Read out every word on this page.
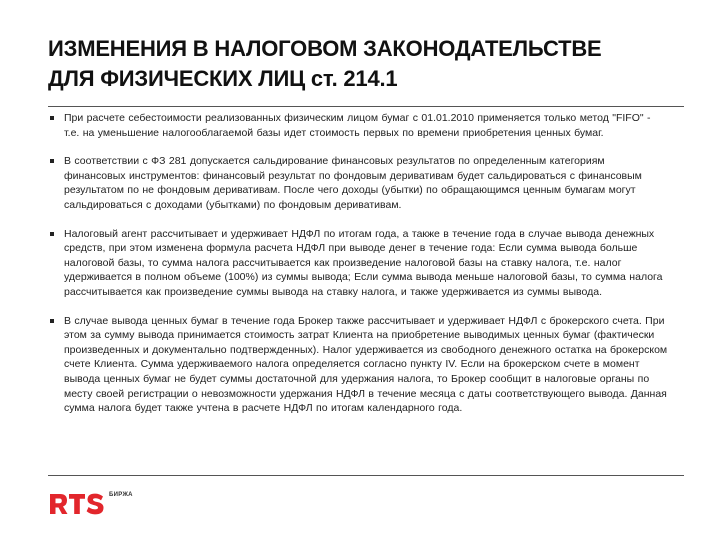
ИЗМЕНЕНИЯ В НАЛОГОВОМ ЗАКОНОДАТЕЛЬСТВЕ
ДЛЯ ФИЗИЧЕСКИХ ЛИЦ ст. 214.1
При расчете себестоимости реализованных физическим лицом бумаг с 01.01.2010 применяется только метод "FIFO" - т.е. на уменьшение налогооблагаемой базы идет стоимость первых по времени приобретения ценных бумаг.
В соответствии с ФЗ 281 допускается сальдирование финансовых результатов по определенным категориям финансовых инструментов: финансовый результат по фондовым деривативам будет сальдироваться с финансовым результатом по не фондовым деривативам. После чего доходы (убытки) по обращающимся ценным бумагам могут сальдироваться с доходами (убытками) по фондовым деривативам.
Налоговый агент рассчитывает и удерживает НДФЛ по итогам года, а также в течение года в случае вывода денежных средств, при этом изменена формула расчета НДФЛ при выводе денег в течение года: Если сумма вывода больше налоговой базы, то сумма налога рассчитывается как произведение налоговой базы на ставку налога, т.е. налог удерживается в полном объеме (100%) из суммы вывода; Если сумма вывода меньше налоговой базы, то сумма налога рассчитывается как произведение суммы вывода на ставку налога, и также удерживается из суммы вывода.
В случае вывода ценных бумаг в течение года Брокер также рассчитывает и удерживает НДФЛ с брокерского счета. При этом за сумму вывода принимается стоимость затрат Клиента на приобретение выводимых ценных бумаг (фактически произведенных и документально подтвержденных). Налог удерживается из свободного денежного остатка на брокерском счете Клиента. Сумма удерживаемого налога определяется согласно пункту IV. Если на брокерском счете в момент вывода ценных бумаг не будет суммы достаточной для удержания налога, то Брокер сообщит в налоговые органы по месту своей регистрации о невозможности удержания НДФЛ в течение месяца с даты соответствующего вывода. Данная сумма налога будет также учтена в расчете НДФЛ по итогам календарного года.
БИРЖА
